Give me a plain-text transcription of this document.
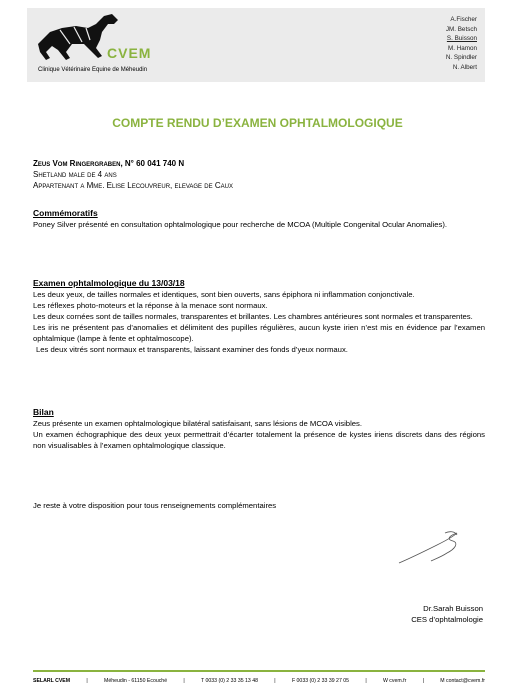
CVEM
Clinique Vétérinaire Equine de Méheudin
A.Fischer
JM. Betsch
S. Buisson
M. Hamon
N. Spindler
N. Albert
COMPTE RENDU D’EXAMEN OPHTALMOLOGIQUE
Zeus Vom Ringergraben, N° 60 041 740 N
Shetland male de 4 ans
Appartenant a Mme. Elise Lecouvreur, elevage de Caux
Commémoratifs

Poney Silver présenté en consultation ophtalmologique pour recherche de MCOA (Multiple Congenital Ocular Anomalies).

Examen ophtalmologique du 13/03/18

Les deux yeux, de tailles normales et identiques, sont bien ouverts, sans épiphora ni inflammation conjonctivale.

Les réflexes photo-moteurs et la réponse à la menace sont normaux.

Les deux cornées sont de tailles normales, transparentes et brillantes. Les chambres antérieures sont normales et transparentes.

Les iris ne présentent pas d’anomalies et délimitent des pupilles régulières, aucun kyste irien n’est mis en évidence par l’examen ophtalmique (lampe à fente et ophtalmoscope).

Les deux vitrés sont normaux et transparents, laissant examiner des fonds d’yeux normaux.

Bilan

Zeus présente un examen ophtalmologique bilatéral satisfaisant, sans lésions de MCOA visibles.

Un examen échographique des deux yeux permettrait d’écarter totalement la présence de kystes iriens discrets dans des régions non visualisables à l’examen ophtalmologique classique.

Je reste à votre disposition pour tous renseignements complémentaires
Dr.Sarah Buisson
CES d’ophtalmologie
SELARL CVEM	|	Méheudin - 61150 Ecouché	|	T 0033 (0) 2 33 35 13 48	|	F 0033 (0) 2 33 39 27 05	|	W cvem.fr	|	M contact@cvem.fr
